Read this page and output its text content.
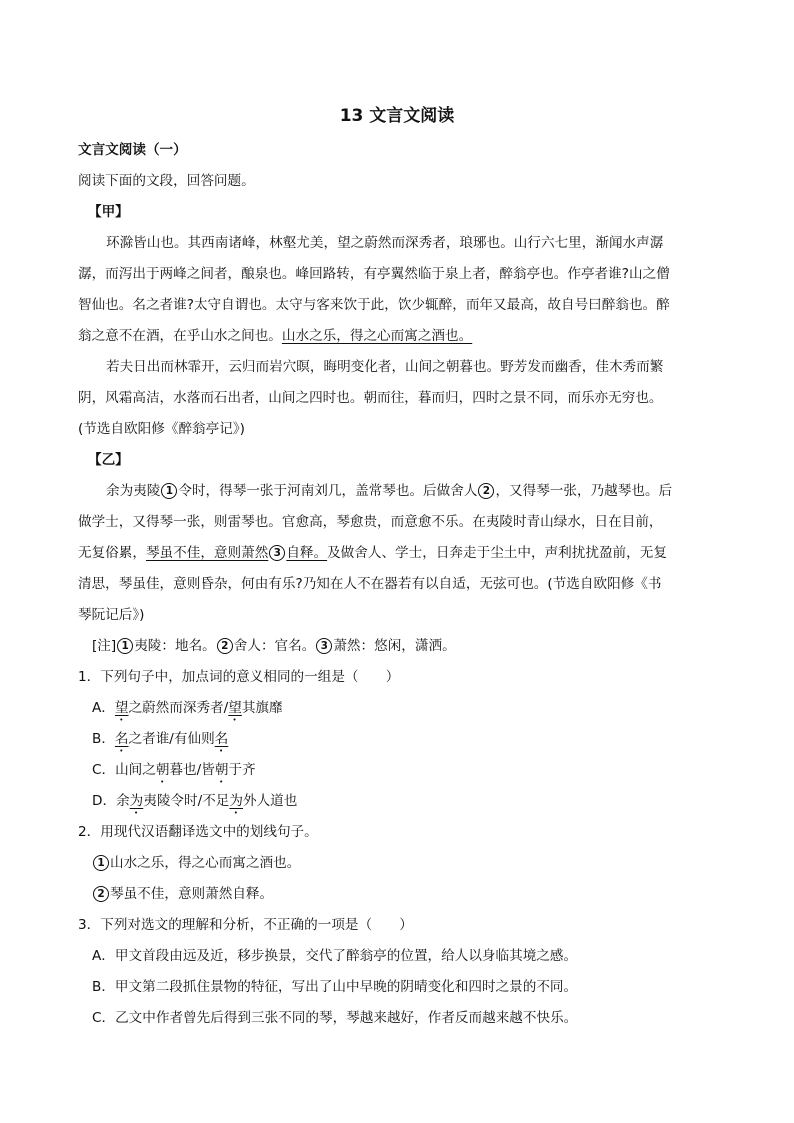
13 文言文阅读
文言文阅读（一）
阅读下面的文段，回答问题。
【甲】
环滁皆山也。其西南诸峰，林壑尤美，望之蔚然而深秀者，琅琊也。山行六七里，渐闻水声潺
潺，而泻出于两峰之间者，酿泉也。峰回路转，有亭翼然临于泉上者，醉翁亭也。作亭者谁?山之僧
智仙也。名之者谁?太守自谓也。太守与客来饮于此，饮少辄醉，而年又最高，故自号曰醉翁也。醉
翁之意不在酒，在乎山水之间也。山水之乐，得之心而寓之酒也。
若夫日出而林霏开，云归而岩穴暝，晦明变化者，山间之朝暮也。野芳发而幽香，佳木秀而繁
阴，风霜高洁，水落而石出者，山间之四时也。朝而往，暮而归，四时之景不同，而乐亦无穷也。
(节选自欧阳修《醉翁亭记》)
【乙】
余为夷陵 1 令时，得琴一张于河南刘几，盖常琴也。后做舍人 2 ，又得琴一张，乃越琴也。后
做学士，又得琴一张，则雷琴也。官愈高，琴愈贵，而意愈不乐。在夷陵时青山绿水，日在目前，
无复俗累，琴虽不佳，意则萧然 3 自释。及做舍人、学士，日奔走于尘土中，声利扰扰盈前，无复
清思，琴虽佳，意则昏杂，何由有乐?乃知在人不在器若有以自适，无弦可也。(节选自欧阳修《书
琴阮记后》)
[注] 1 夷陵：地名。 2 舍人：官名。 3 萧然：悠闲，潇洒。
1．下列句子中，加点词的意义相同的一组是（　　）
A．望之蔚然而深秀者/望其旗靡
B．名之者谁/有仙则名
C．山间之朝暮也/皆朝于齐
D．余为夷陵令时/不足为外人道也
2．用现代汉语翻译选文中的划线句子。
1 山水之乐，得之心而寓之酒也。
2 琴虽不佳，意则萧然自释。
3．下列对选文的理解和分析，不正确的一项是（　　）
A．甲文首段由远及近，移步换景，交代了醉翁亭的位置，给人以身临其境之感。
B．甲文第二段抓住景物的特征，写出了山中早晚的阴晴变化和四时之景的不同。
C．乙文中作者曾先后得到三张不同的琴，琴越来越好，作者反而越来越不快乐。
